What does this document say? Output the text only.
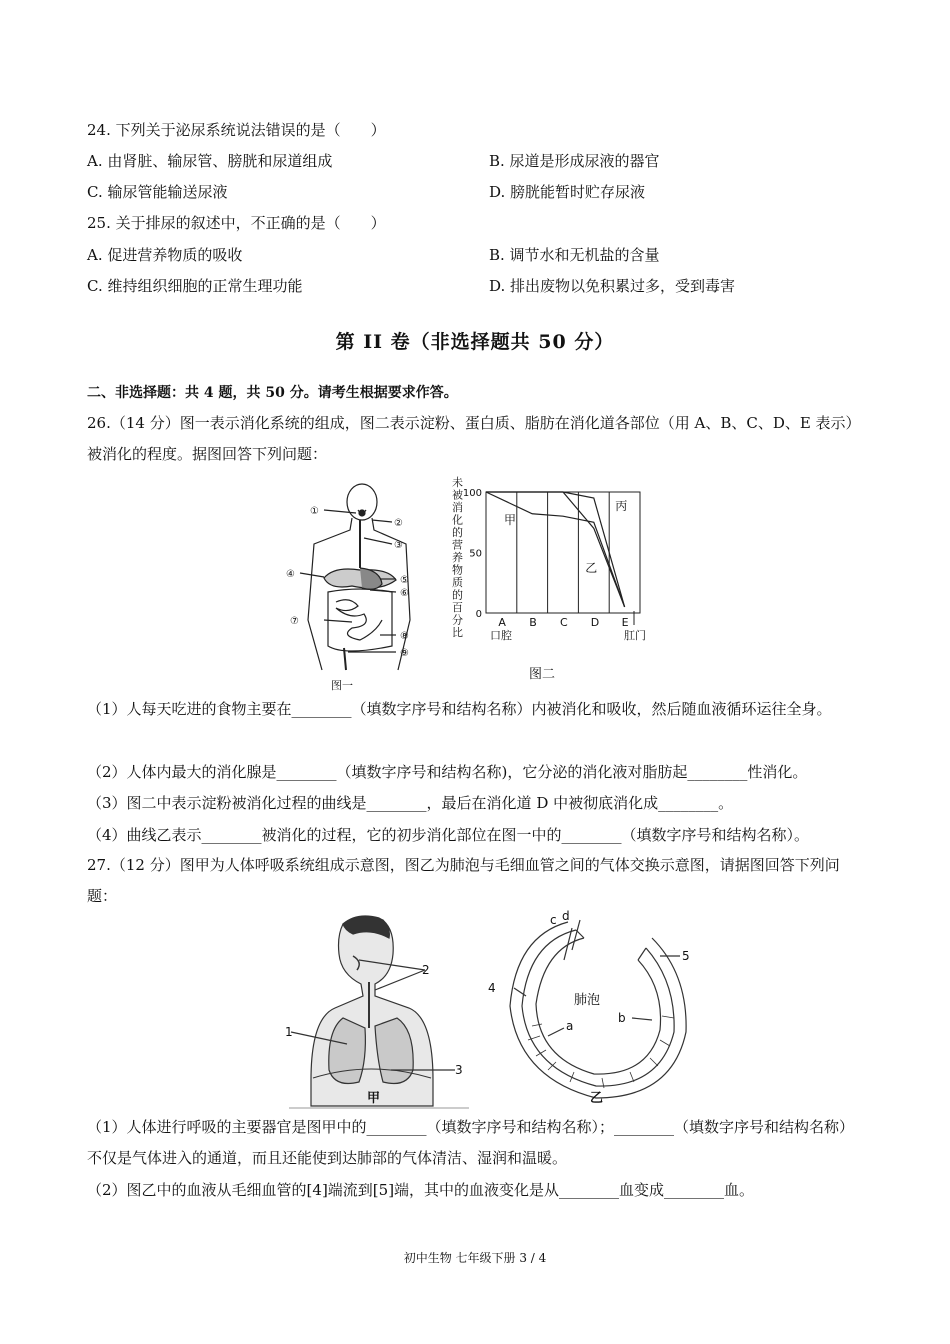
24. 下列关于泌尿系统说法错误的是（　　）
A. 由肾脏、输尿管、膀胱和尿道组成	B. 尿道是形成尿液的器官
C. 输尿管能输送尿液	D. 膀胱能暂时贮存尿液
25. 关于排尿的叙述中，不正确的是（　　）
A. 促进营养物质的吸收	B. 调节水和无机盐的含量
C. 维持组织细胞的正常生理功能	D. 排出废物以免积累过多，受到毒害
第 II 卷（非选择题共 50 分）
二、非选择题：共 4 题，共 50 分。请考生根据要求作答。
26.（14 分）图一表示消化系统的组成，图二表示淀粉、蛋白质、脂肪在消化道各部位（用 A、B、C、D、E 表示）被消化的程度。据图回答下列问题：
①
②
③
④
⑤
⑥
⑦
⑧
⑨
图一
未
被
消
化
的
营
养
物
质
的
百
分
比
100
50
0
A B C D E
口腔	肛门
甲
乙
丙
图二
（1）人每天吃进的食物主要在________（填数字序号和结构名称）内被消化和吸收，然后随血液循环运往全身。
（2）人体内最大的消化腺是________（填数字序号和结构名称)，它分泌的消化液对脂肪起________性消化。
（3）图二中表示淀粉被消化过程的曲线是________，最后在消化道 D 中被彻底消化成________。
（4）曲线乙表示________被消化的过程，它的初步消化部位在图一中的________（填数字序号和结构名称）。
27.（12 分）图甲为人体呼吸系统组成示意图，图乙为肺泡与毛细血管之间的气体交换示意图，请据图回答下列问题：
1
2
3
甲
c d
4
5
a
b
肺泡
乙
（1）人体进行呼吸的主要器官是图甲中的________（填数字序号和结构名称）；________（填数字序号和结构名称）不仅是气体进入的通道，而且还能使到达肺部的气体清洁、湿润和温暖。
（2）图乙中的血液从毛细血管的[4]端流到[5]端，其中的血液变化是从________血变成________血。
初中生物 七年级下册 3 / 4
